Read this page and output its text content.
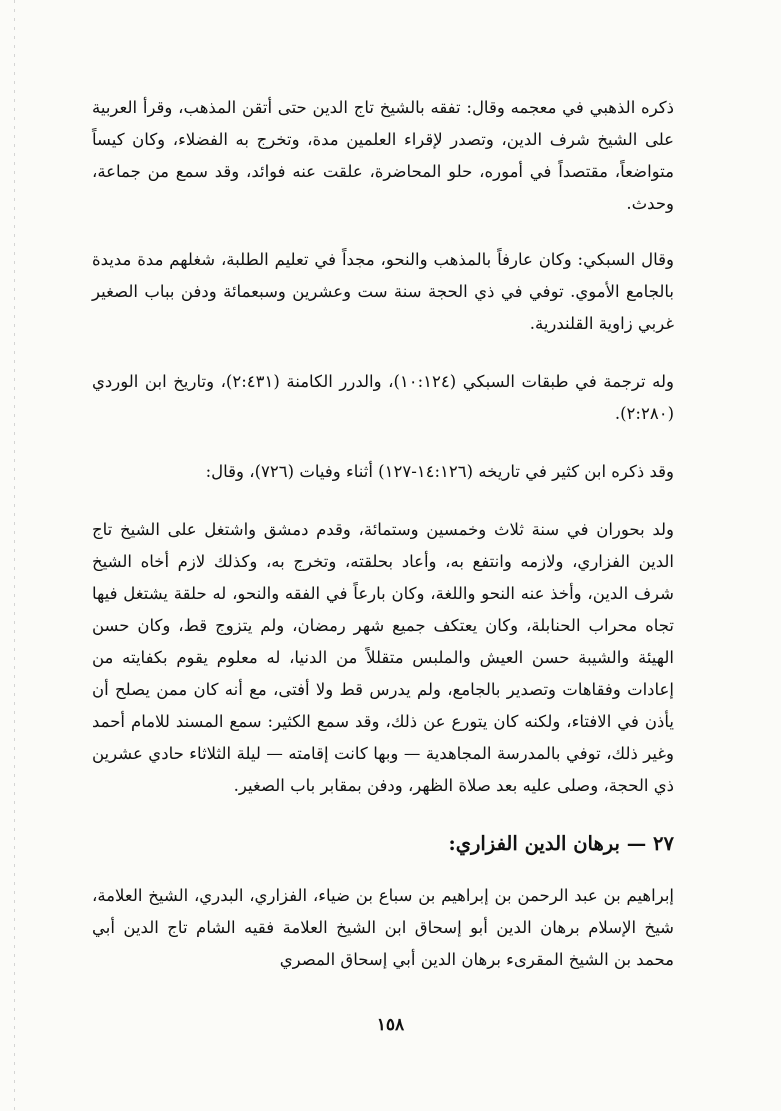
ذكره الذهبي في معجمه وقال: تفقه بالشيخ تاج الدين حتى أتقن المذهب، وقرأ العربية على الشيخ شرف الدين، وتصدر لإقراء العلمين مدة، وتخرج به الفضلاء، وكان كيساً متواضعاً، مقتصداً في أموره، حلو المحاضرة، علقت عنه فوائد، وقد سمع من جماعة، وحدث.

وقال السبكي: وكان عارفاً بالمذهب والنحو، مجداً في تعليم الطلبة، شغلهم مدة مديدة بالجامع الأموي. توفي في ذي الحجة سنة ست وعشرين وسبعمائة ودفن بباب الصغير غربي زاوية القلندرية.

وله ترجمة في طبقات السبكي (١٠:١٢٤)، والدرر الكامنة (٢:٤٣١)، وتاريخ ابن الوردي (٢:٢٨٠).

وقد ذكره ابن كثير في تاريخه (١٤:١٢٦-١٢٧) أثناء وفيات (٧٢٦)، وقال:

ولد بحوران في سنة ثلاث وخمسين وستمائة، وقدم دمشق واشتغل على الشيخ تاج الدين الفزاري، ولازمه وانتفع به، وأعاد بحلقته، وتخرج به، وكذلك لازم أخاه الشيخ شرف الدين، وأخذ عنه النحو واللغة، وكان بارعاً في الفقه والنحو، له حلقة يشتغل فيها تجاه محراب الحنابلة، وكان يعتكف جميع شهر رمضان، ولم يتزوج قط، وكان حسن الهيئة والشيبة حسن العيش والملبس متقللاً من الدنيا، له معلوم يقوم بكفايته من إعادات وفقاهات وتصدير بالجامع، ولم يدرس قط ولا أفتى، مع أنه كان ممن يصلح أن يأذن في الافتاء، ولكنه كان يتورع عن ذلك، وقد سمع الكثير: سمع المسند للامام أحمد وغير ذلك، توفي بالمدرسة المجاهدية — وبها كانت إقامته — ليلة الثلاثاء حادي عشرين ذي الحجة، وصلى عليه بعد صلاة الظهر، ودفن بمقابر باب الصغير.

٢٧ — برهان الدين الفزاري:

إبراهيم بن عبد الرحمن بن إبراهيم بن سباع بن ضياء، الفزاري، البدري، الشيخ العلامة، شيخ الإسلام برهان الدين أبو إسحاق ابن الشيخ العلامة فقيه الشام تاج الدين أبي محمد بن الشيخ المقرىء برهان الدين أبي إسحاق المصري

١٥٨
